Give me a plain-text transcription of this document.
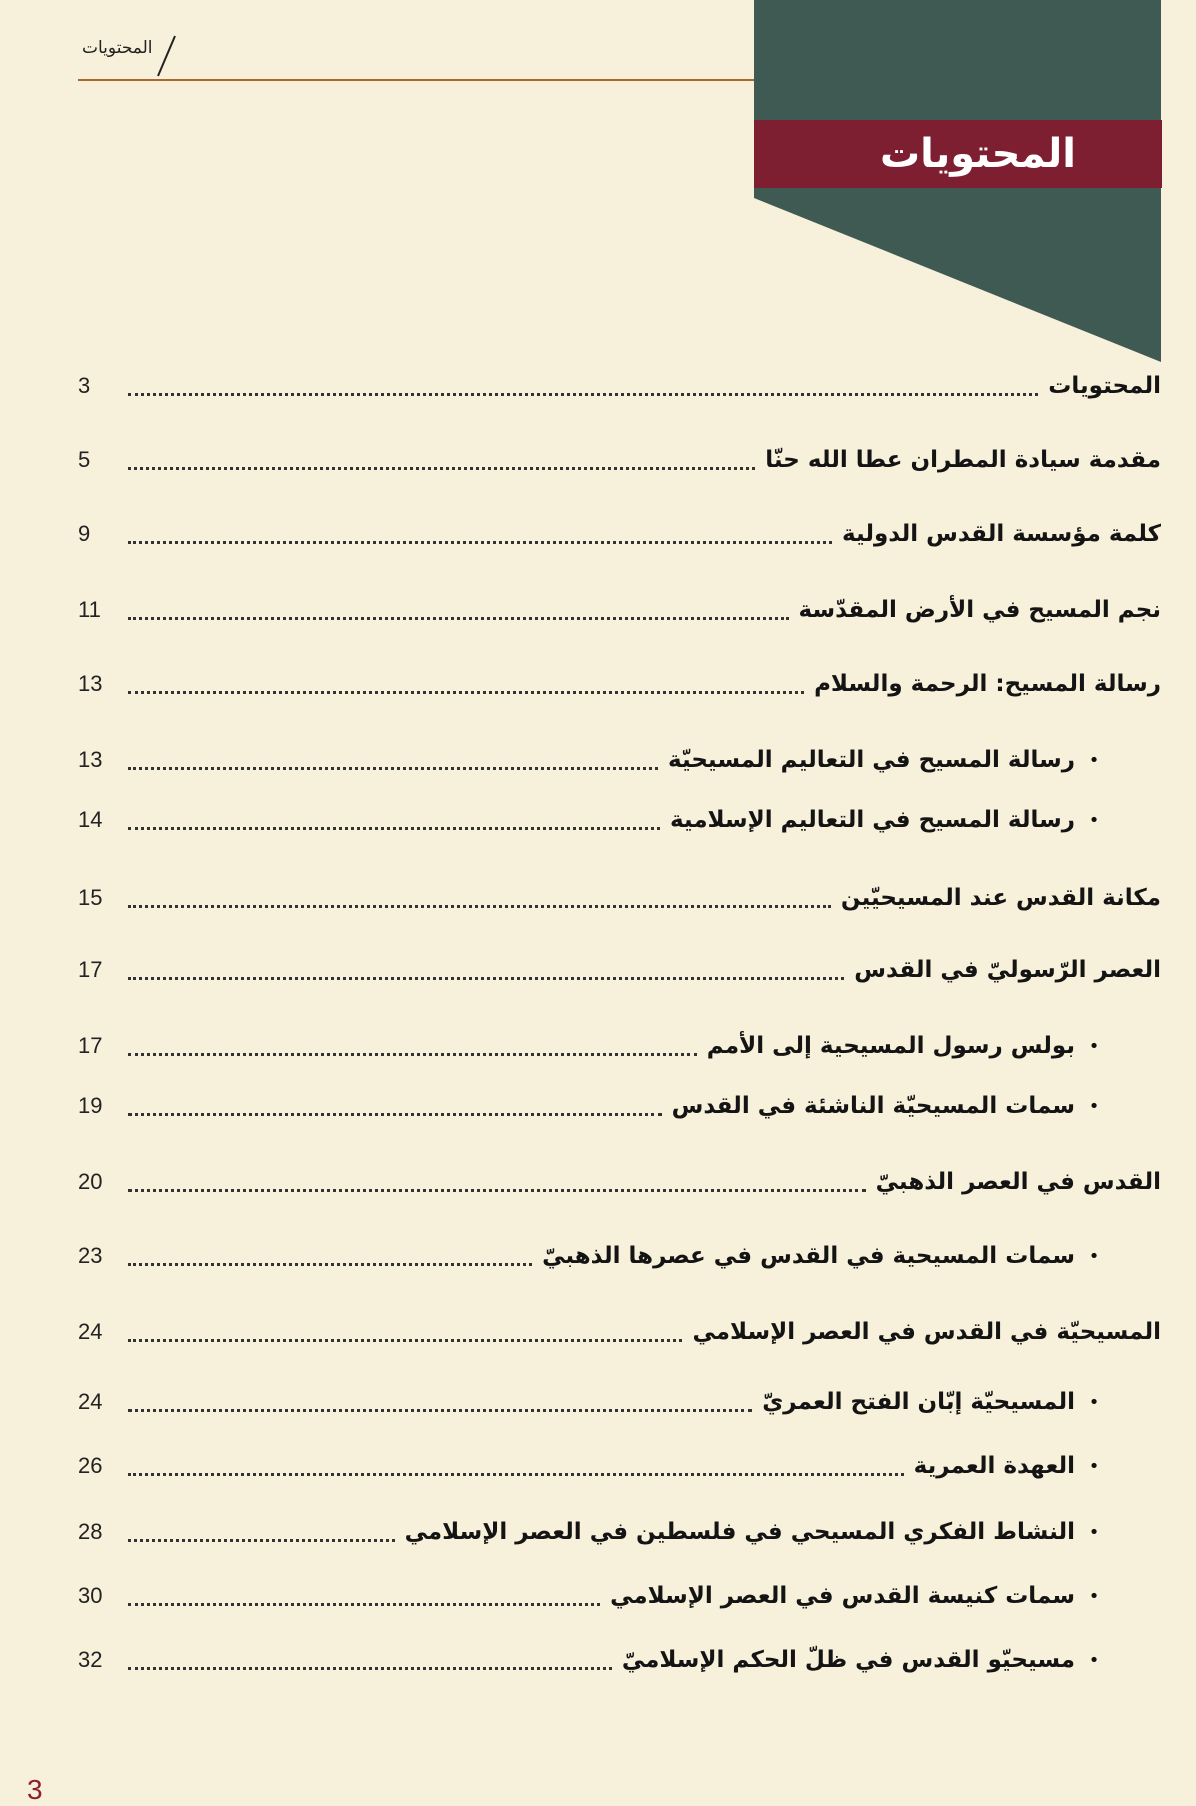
المحتويات
المحتويات
المحتويات
3
مقدمة سيادة المطران عطا الله حنّا
5
كلمة مؤسسة القدس الدولية
9
نجم المسيح في الأرض المقدّسة
11
رسالة المسيح: الرحمة والسلام
13
•
رسالة المسيح في التعاليم المسيحيّة
13
•
رسالة المسيح في التعاليم الإسلامية
14
مكانة القدس عند المسيحيّين
15
العصر الرّسوليّ في القدس
17
•
بولس رسول المسيحية إلى الأمم
17
•
سمات المسيحيّة الناشئة في القدس
19
القدس في العصر الذهبيّ
20
•
سمات المسيحية في القدس في عصرها الذهبيّ
23
المسيحيّة في القدس في العصر الإسلامي
24
•
المسيحيّة إبّان الفتح العمريّ
24
•
العهدة العمرية
26
•
النشاط الفكري المسيحي في فلسطين في العصر الإسلامي
28
•
سمات كنيسة القدس في العصر الإسلامي
30
•
مسيحيّو القدس في ظلّ الحكم الإسلاميّ
32
3
